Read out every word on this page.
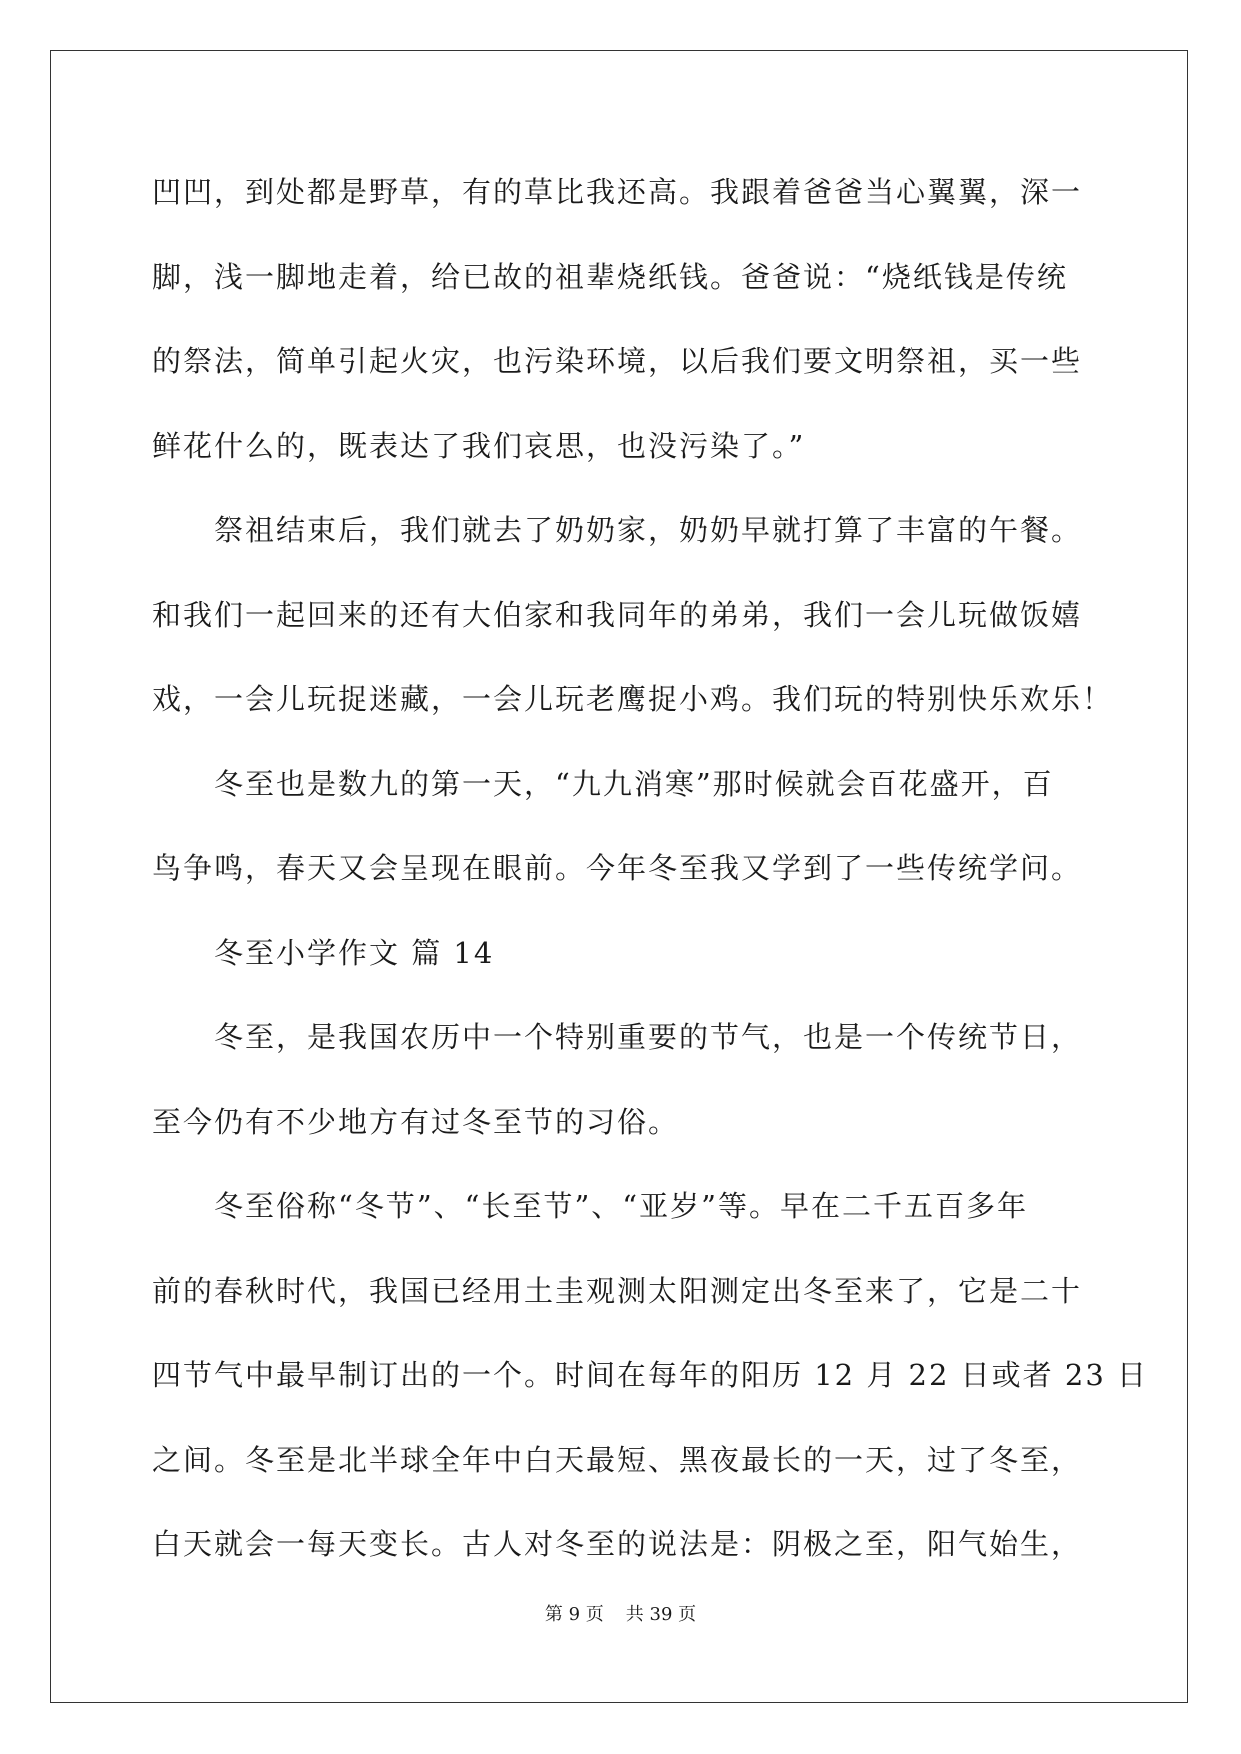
凹凹，到处都是野草，有的草比我还高。我跟着爸爸当心翼翼，深一
脚，浅一脚地走着，给已故的祖辈烧纸钱。爸爸说：“烧纸钱是传统
的祭法，简单引起火灾，也污染环境，以后我们要文明祭祖，买一些
鲜花什么的，既表达了我们哀思，也没污染了。”
祭祖结束后，我们就去了奶奶家，奶奶早就打算了丰富的午餐。
和我们一起回来的还有大伯家和我同年的弟弟，我们一会儿玩做饭嬉
戏，一会儿玩捉迷藏，一会儿玩老鹰捉小鸡。我们玩的特别快乐欢乐！
冬至也是数九的第一天，“九九消寒”那时候就会百花盛开，百
鸟争鸣，春天又会呈现在眼前。今年冬至我又学到了一些传统学问。
冬至小学作文 篇 14
冬至，是我国农历中一个特别重要的节气，也是一个传统节日，
至今仍有不少地方有过冬至节的习俗。
冬至俗称“冬节”、“长至节”、“亚岁”等。早在二千五百多年
前的春秋时代，我国已经用土圭观测太阳测定出冬至来了，它是二十
四节气中最早制订出的一个。时间在每年的阳历 12 月 22 日或者 23 日
之间。冬至是北半球全年中白天最短、黑夜最长的一天，过了冬至，
白天就会一每天变长。古人对冬至的说法是：阴极之至，阳气始生，
第 9 页 共 39 页
